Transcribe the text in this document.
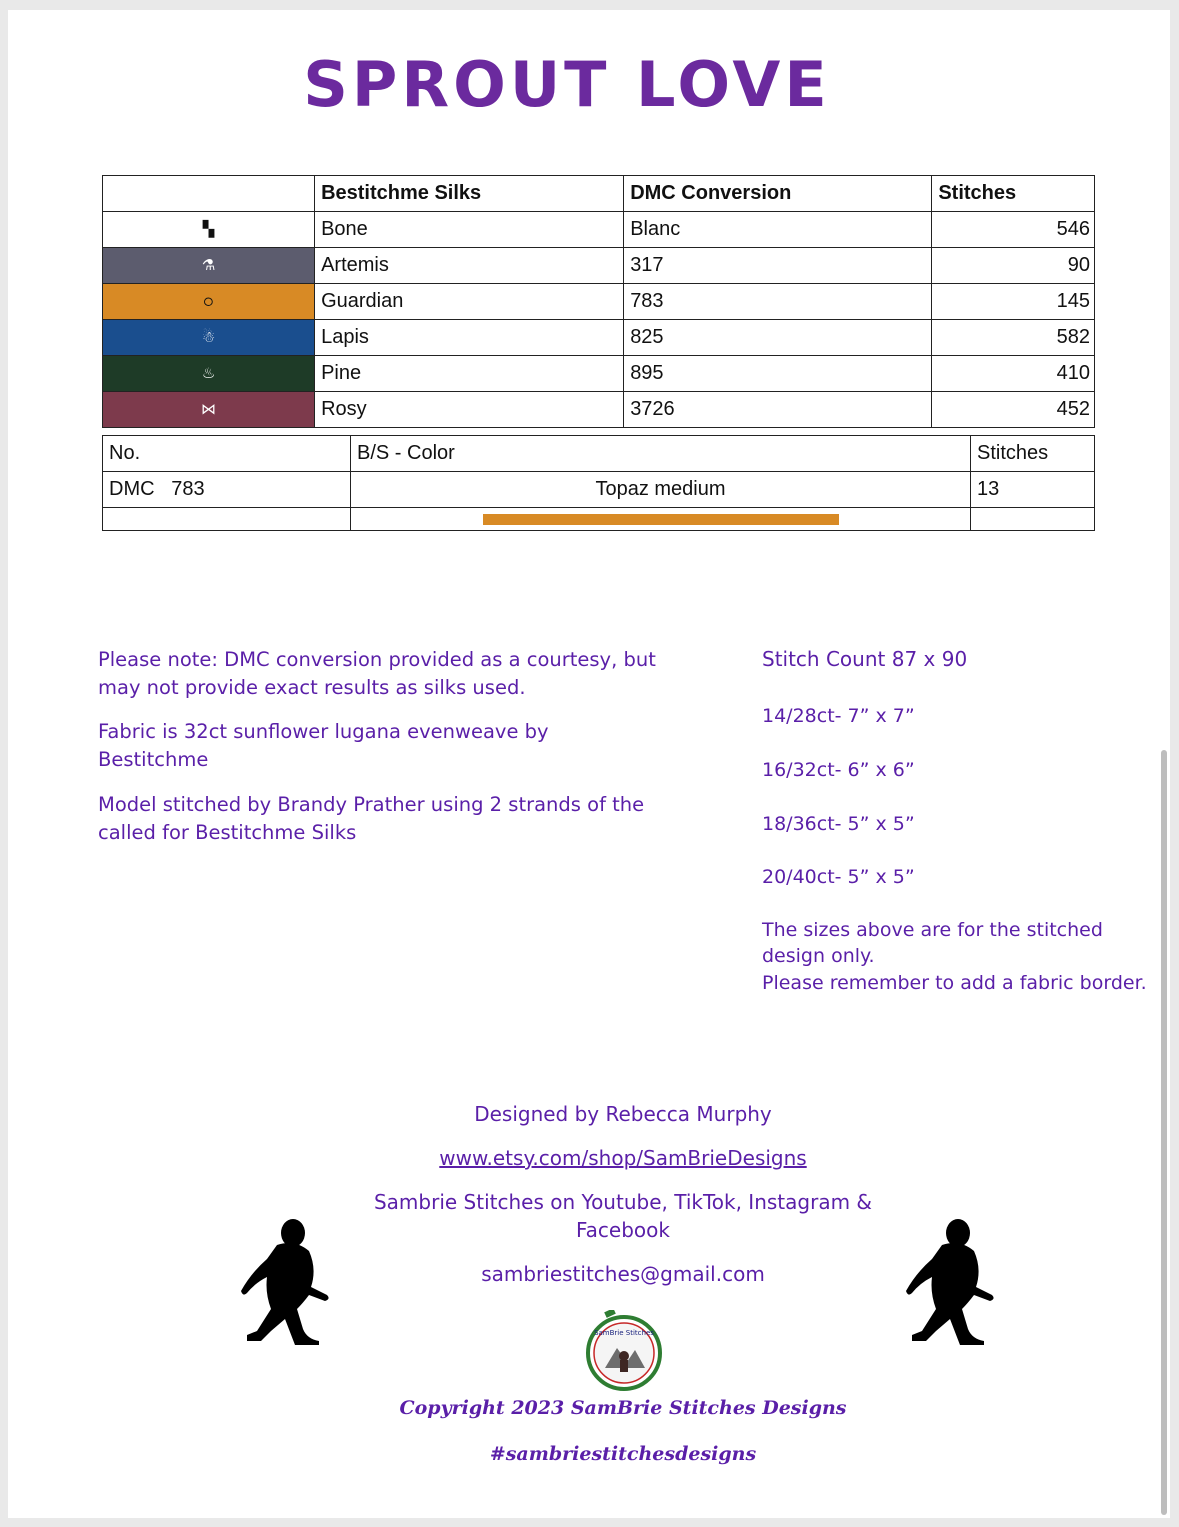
SPROUT LOVE
	Bestitchme Silks	DMC Conversion	Stitches

▚	Bone	Blanc	546

⚗	Artemis	317	90

੦	Guardian	783	145

☃	Lapis	825	582

♨	Pine	895	410

⋈	Rosy	3726	452
No.	B/S - Color	Stitches
DMC   783	Topaz medium	13

Please note: DMC conversion provided as a courtesy, but may not provide exact results as silks used.
Fabric is 32ct sunflower lugana evenweave by Bestitchme
Model stitched by Brandy Prather using 2 strands of the called for Bestitchme Silks
Stitch Count 87 x 90
14/28ct- 7” x 7”
16/32ct- 6” x 6”
18/36ct- 5” x 5”
20/40ct- 5” x 5”
The sizes above are for the stitched design only.
Please remember to add a fabric border.
Designed by Rebecca Murphy
www.etsy.com/shop/SamBrieDesigns
Sambrie Stitches on Youtube, TikTok, Instagram & Facebook
sambriestitches@gmail.com
SamBrie Stitches
Copyright 2023 SamBrie Stitches Designs
#sambriestitchesdesigns
